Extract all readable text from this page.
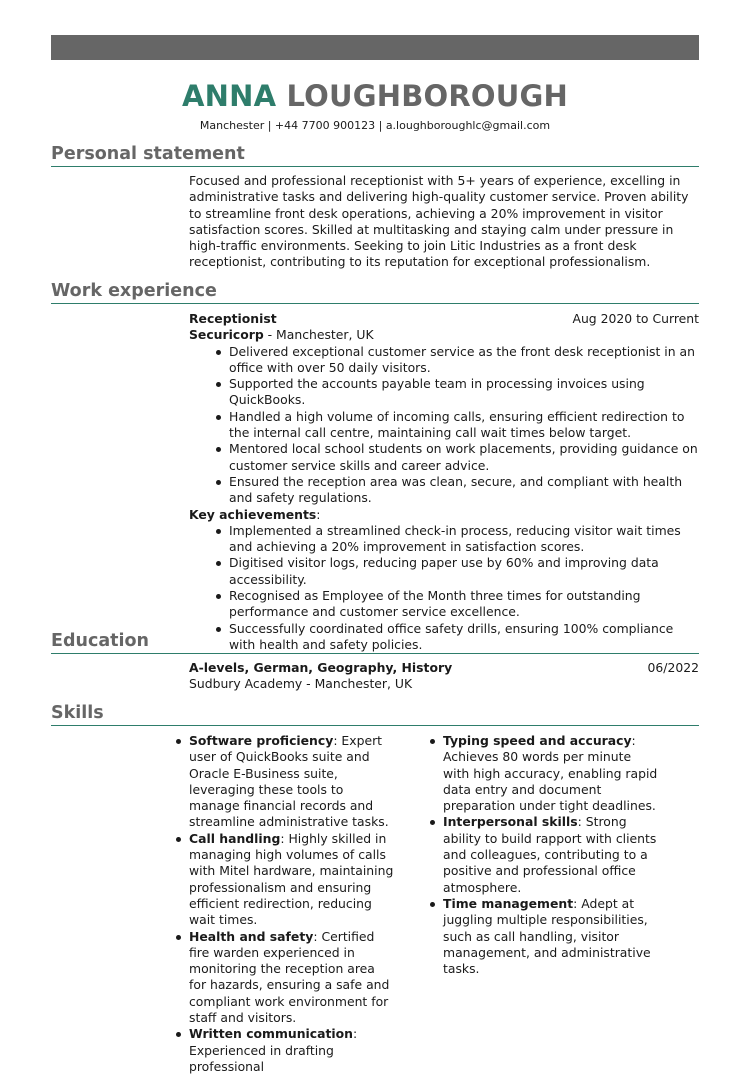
ANNA LOUGHBOROUGH
Manchester | +44 7700 900123 | a.loughboroughlc@gmail.com
Personal statement
Focused and professional receptionist with 5+ years of experience, excelling in administrative tasks and delivering high-quality customer service. Proven ability to streamline front desk operations, achieving a 20% improvement in visitor satisfaction scores. Skilled at multitasking and staying calm under pressure in high-traffic environments. Seeking to join Litic Industries as a front desk receptionist, contributing to its reputation for exceptional professionalism.
Work experience
Receptionist	Aug 2020 to Current
Securicorp - Manchester, UK
Delivered exceptional customer service as the front desk receptionist in an office with over 50 daily visitors.
Supported the accounts payable team in processing invoices using QuickBooks.
Handled a high volume of incoming calls, ensuring efficient redirection to the internal call centre, maintaining call wait times below target.
Mentored local school students on work placements, providing guidance on customer service skills and career advice.
Ensured the reception area was clean, secure, and compliant with health and safety regulations.
Key achievements:
Implemented a streamlined check-in process, reducing visitor wait times and achieving a 20% improvement in satisfaction scores.
Digitised visitor logs, reducing paper use by 60% and improving data accessibility.
Recognised as Employee of the Month three times for outstanding performance and customer service excellence.
Successfully coordinated office safety drills, ensuring 100% compliance with health and safety policies.
Education
A-levels, German, Geography, History	06/2022
Sudbury Academy - Manchester, UK
Skills
Software proficiency: Expert user of QuickBooks suite and Oracle E-Business suite, leveraging these tools to manage financial records and streamline administrative tasks.
Call handling: Highly skilled in managing high volumes of calls with Mitel hardware, maintaining professionalism and ensuring efficient redirection, reducing wait times.
Health and safety: Certified fire warden experienced in monitoring the reception area for hazards, ensuring a safe and compliant work environment for staff and visitors.
Written communication: Experienced in drafting professional
Typing speed and accuracy: Achieves 80 words per minute with high accuracy, enabling rapid data entry and document preparation under tight deadlines.
Interpersonal skills: Strong ability to build rapport with clients and colleagues, contributing to a positive and professional office atmosphere.
Time management: Adept at juggling multiple responsibilities, such as call handling, visitor management, and administrative tasks.
